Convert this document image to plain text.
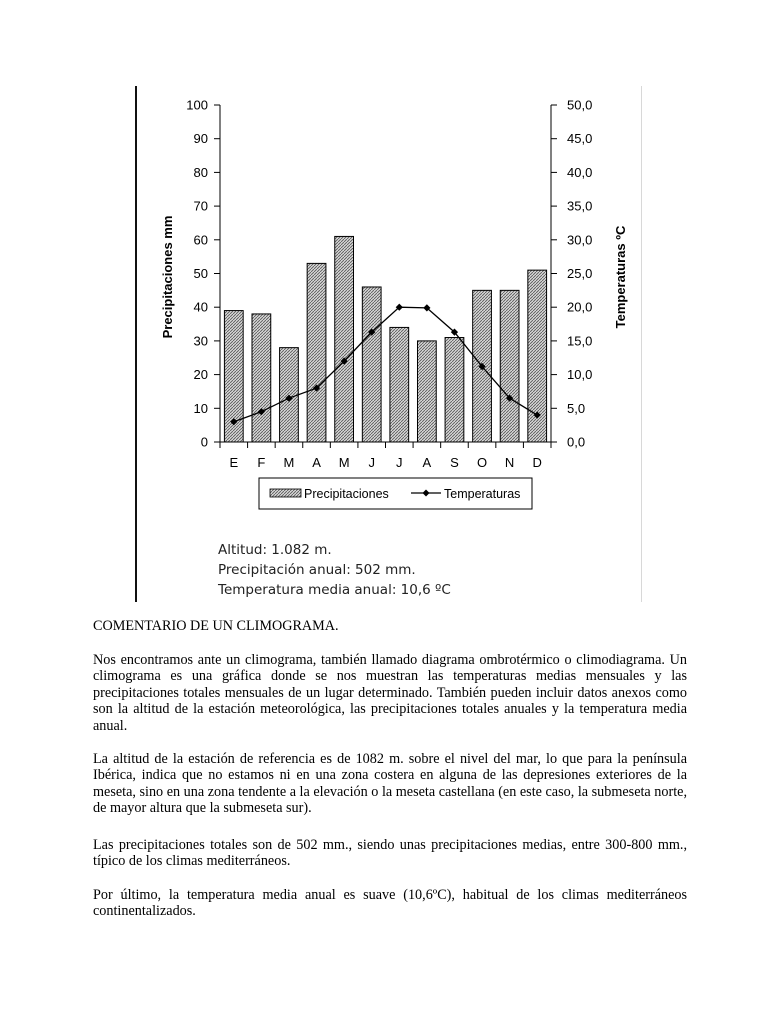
0
10
20
30
40
50
60
70
80
90
100
0,0
5,0
10,0
15,0
20,0
25,0
30,0
35,0
40,0
45,0
50,0
E F M A M J J A S O N D
Precipitaciones mm	Temperaturas ºC
Precipitaciones	Temperaturas
Altitud: 1.082 m.
Precipitación anual: 502 mm.
Temperatura media anual: 10,6 ºC
COMENTARIO DE UN CLIMOGRAMA.

Nos encontramos ante un climograma, también llamado diagrama ombrotérmico o climodiagrama. Un climograma es una gráfica donde se nos muestran las temperaturas medias mensuales y las precipitaciones totales mensuales de un lugar determinado. También pueden incluir datos anexos como son la altitud de la estación meteorológica, las precipitaciones totales anuales y la temperatura media anual.

La altitud de la estación de referencia es de 1082 m. sobre el nivel del mar, lo que para la península Ibérica, indica que no estamos ni en una zona costera en alguna de las depresiones exteriores de la meseta, sino en una zona tendente a la elevación o la meseta castellana (en este caso, la submeseta norte, de mayor altura que la submeseta sur).

Las precipitaciones totales son de 502 mm., siendo unas precipitaciones medias, entre 300-800 mm., típico de los climas mediterráneos.

Por último, la temperatura media anual es suave (10,6ºC), habitual de los climas mediterráneos continentalizados.
